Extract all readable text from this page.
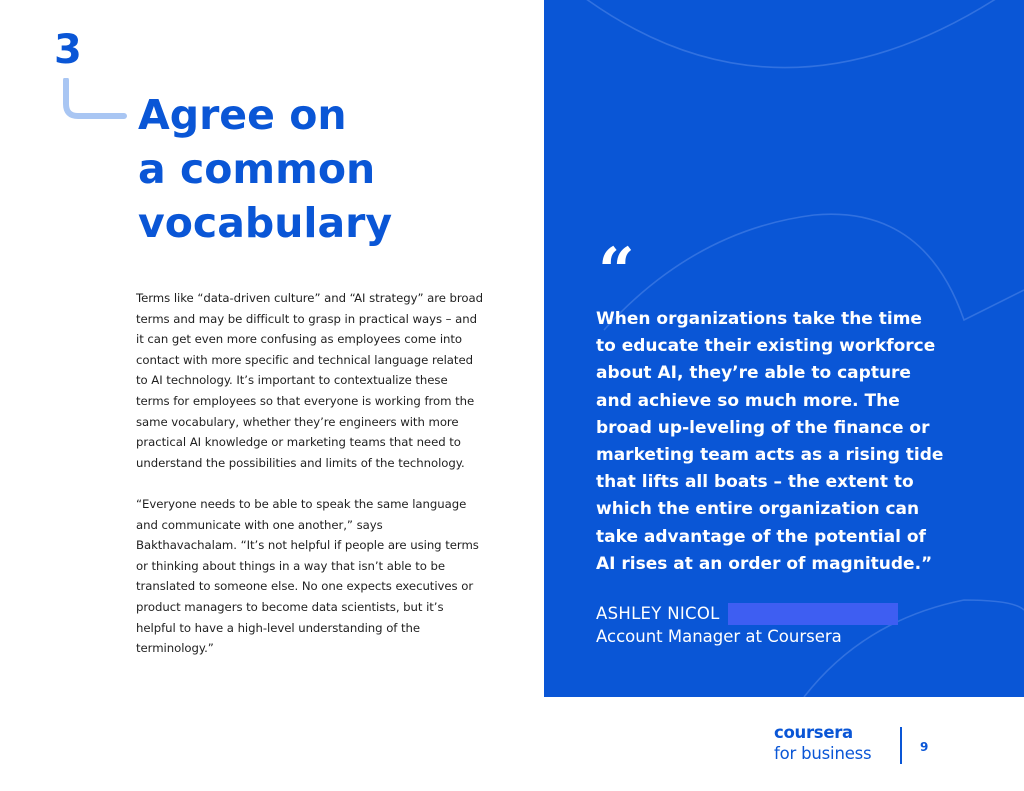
3
Agree on
a common
vocabulary

Terms like “data-driven culture” and “AI strategy” are broad terms and may be difficult to grasp in practical ways – and it can get even more confusing as employees come into contact with more specific and technical language related to AI technology. It’s important to contextualize these terms for employees so that everyone is working from the same vocabulary, whether they’re engineers with more practical AI knowledge or marketing teams that need to understand the possibilities and limits of the technology.

“Everyone needs to be able to speak the same language and communicate with one another,” says Bakthavachalam. “It’s not helpful if people are using terms or thinking about things in a way that isn’t able to be translated to someone else. No one expects executives or product managers to become data scientists, but it’s helpful to have a high-level understanding of the terminology.”

“

When organizations take the time to educate their existing workforce about AI, they’re able to capture and achieve so much more. The broad up-leveling of the finance or marketing team acts as a rising tide that lifts all boats – the extent to which the entire organization can take advantage of the potential of AI rises at an order of magnitude.”

ASHLEY NICOL
Account Manager at Coursera
coursera
for business	9
